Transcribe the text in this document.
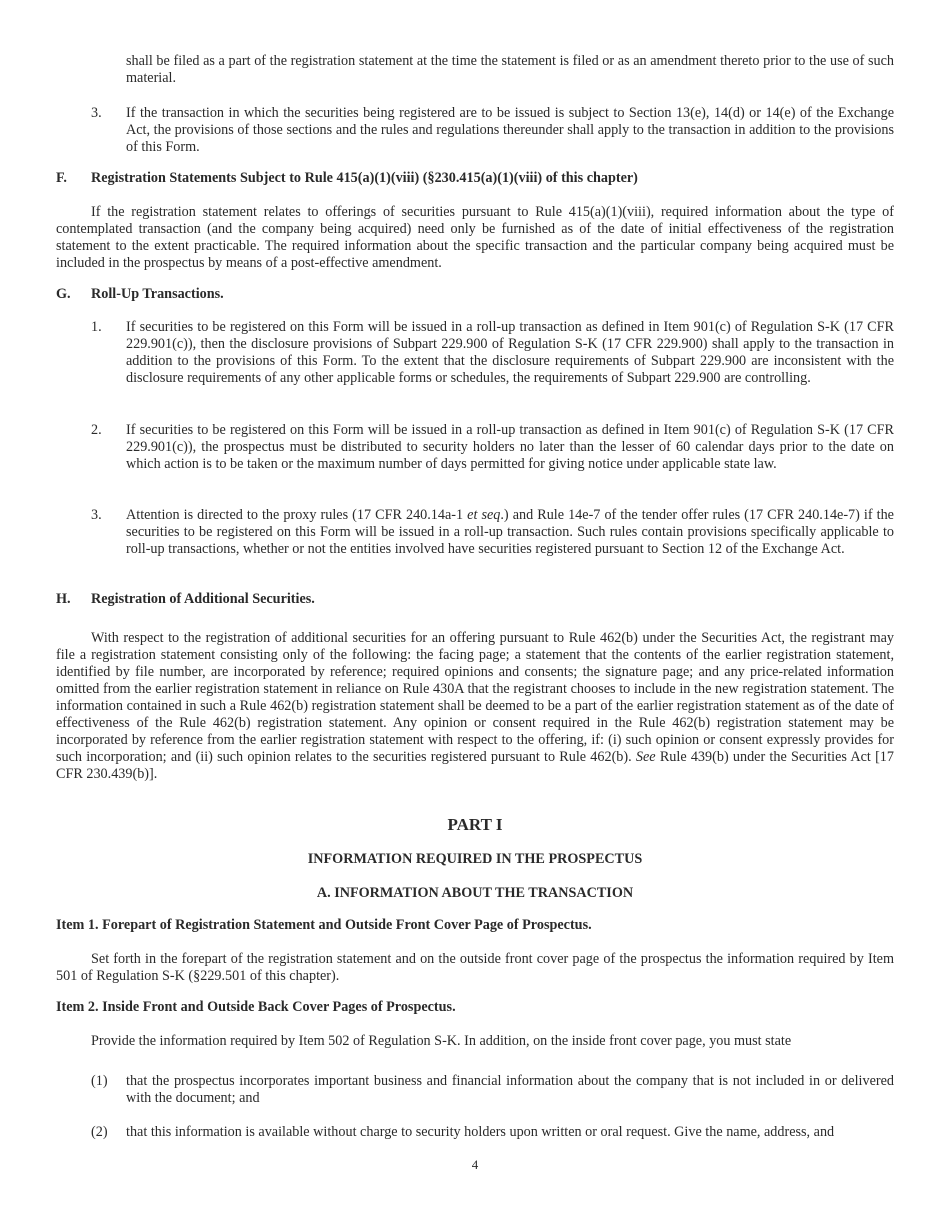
shall be filed as a part of the registration statement at the time the statement is filed or as an amendment thereto prior to the use of such material.
3. If the transaction in which the securities being registered are to be issued is subject to Section 13(e), 14(d) or 14(e) of the Exchange Act, the provisions of those sections and the rules and regulations thereunder shall apply to the transaction in addition to the provisions of this Form.
F. Registration Statements Subject to Rule 415(a)(1)(viii) (§230.415(a)(1)(viii) of this chapter)
If the registration statement relates to offerings of securities pursuant to Rule 415(a)(1)(viii), required information about the type of contemplated transaction (and the company being acquired) need only be furnished as of the date of initial effectiveness of the registration statement to the extent practicable. The required information about the specific transaction and the particular company being acquired must be included in the prospectus by means of a post-effective amendment.
G. Roll-Up Transactions.
1. If securities to be registered on this Form will be issued in a roll-up transaction as defined in Item 901(c) of Regulation S-K (17 CFR 229.901(c)), then the disclosure provisions of Subpart 229.900 of Regulation S-K (17 CFR 229.900) shall apply to the transaction in addition to the provisions of this Form. To the extent that the disclosure requirements of Subpart 229.900 are inconsistent with the disclosure requirements of any other applicable forms or schedules, the requirements of Subpart 229.900 are controlling.
2. If securities to be registered on this Form will be issued in a roll-up transaction as defined in Item 901(c) of Regulation S-K (17 CFR 229.901(c)), the prospectus must be distributed to security holders no later than the lesser of 60 calendar days prior to the date on which action is to be taken or the maximum number of days permitted for giving notice under applicable state law.
3. Attention is directed to the proxy rules (17 CFR 240.14a-1 et seq.) and Rule 14e-7 of the tender offer rules (17 CFR 240.14e-7) if the securities to be registered on this Form will be issued in a roll-up transaction. Such rules contain provisions specifically applicable to roll-up transactions, whether or not the entities involved have securities registered pursuant to Section 12 of the Exchange Act.
H. Registration of Additional Securities.
With respect to the registration of additional securities for an offering pursuant to Rule 462(b) under the Securities Act, the registrant may file a registration statement consisting only of the following: the facing page; a statement that the contents of the earlier registration statement, identified by file number, are incorporated by reference; required opinions and consents; the signature page; and any price-related information omitted from the earlier registration statement in reliance on Rule 430A that the registrant chooses to include in the new registration statement. The information contained in such a Rule 462(b) registration statement shall be deemed to be a part of the earlier registration statement as of the date of effectiveness of the Rule 462(b) registration statement. Any opinion or consent required in the Rule 462(b) registration statement may be incorporated by reference from the earlier registration statement with respect to the offering, if: (i) such opinion or consent expressly provides for such incorporation; and (ii) such opinion relates to the securities registered pursuant to Rule 462(b). See Rule 439(b) under the Securities Act [17 CFR 230.439(b)].
PART I
INFORMATION REQUIRED IN THE PROSPECTUS
A. INFORMATION ABOUT THE TRANSACTION
Item 1. Forepart of Registration Statement and Outside Front Cover Page of Prospectus.
Set forth in the forepart of the registration statement and on the outside front cover page of the prospectus the information required by Item 501 of Regulation S-K (§229.501 of this chapter).
Item 2. Inside Front and Outside Back Cover Pages of Prospectus.
Provide the information required by Item 502 of Regulation S-K. In addition, on the inside front cover page, you must state
(1) that the prospectus incorporates important business and financial information about the company that is not included in or delivered with the document; and
(2) that this information is available without charge to security holders upon written or oral request. Give the name, address, and
4
